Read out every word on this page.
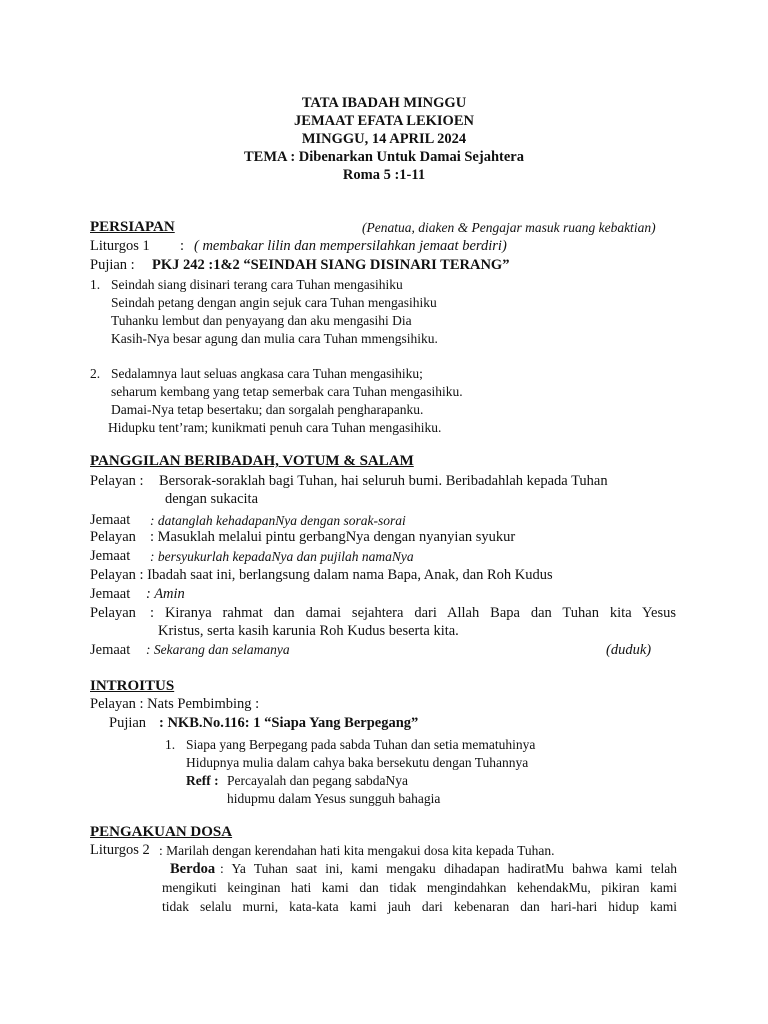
TATA IBADAH MINGGU
JEMAAT EFATA LEKIOEN
MINGGU, 14 APRIL 2024
TEMA : Dibenarkan Untuk Damai Sejahtera
Roma 5 :1-11
PERSIAPAN	(Penatua, diaken & Pengajar masuk ruang kebaktian)
Liturgos 1 : ( membakar lilin dan mempersilahkan jemaat berdiri)
Pujian : PKJ 242 :1&2 “SEINDAH SIANG DISINARI TERANG”
1. Seindah siang disinari terang cara Tuhan mengasihiku
Seindah petang dengan angin sejuk cara Tuhan mengasihiku
Tuhanku lembut dan penyayang dan aku mengasihi Dia
Kasih-Nya besar agung dan mulia cara Tuhan mmengsihiku.
2. Sedalamnya laut seluas angkasa cara Tuhan mengasihiku;
seharum kembang yang tetap semerbak cara Tuhan mengasihiku.
Damai-Nya tetap besertaku; dan sorgalah pengharapanku.
Hidupku tent’ram; kunikmati penuh cara Tuhan mengasihiku.
PANGGILAN BERIBADAH, VOTUM & SALAM
Pelayan : Bersorak-soraklah bagi Tuhan, hai seluruh bumi. Beribadahlah kepada Tuhan
dengan sukacita
Jemaat : datanglah kehadapanNya dengan sorak-sorai
Pelayan : Masuklah melalui pintu gerbangNya dengan nyanyian syukur
Jemaat : bersyukurlah kepadaNya dan pujilah namaNya
Pelayan : Ibadah saat ini, berlangsung dalam nama Bapa, Anak, dan Roh Kudus
Jemaat : Amin
Pelayan : Kiranya rahmat dan damai sejahtera dari Allah Bapa dan Tuhan kita Yesus
Kristus, serta kasih karunia Roh Kudus beserta kita.
Jemaat : Sekarang dan selamanya	(duduk)
INTROITUS
Pelayan : Nats Pembimbing :
Pujian : NKB.No.116: 1 “Siapa Yang Berpegang”
1. Siapa yang Berpegang pada sabda Tuhan dan setia mematuhinya
Hidupnya mulia dalam cahya baka bersekutu dengan Tuhannya
Reff : Percayalah dan pegang sabdaNya
hidupmu dalam Yesus sungguh bahagia
PENGAKUAN DOSA
Liturgos 2 : Marilah dengan kerendahan hati kita mengakui dosa kita kepada Tuhan.
Berdoa : Ya Tuhan saat ini, kami mengaku dihadapan hadiratMu bahwa kami telah
mengikuti keinginan hati kami dan tidak mengindahkan kehendakMu, pikiran kami
tidak selalu murni, kata-kata kami jauh dari kebenaran dan hari-hari hidup kami
